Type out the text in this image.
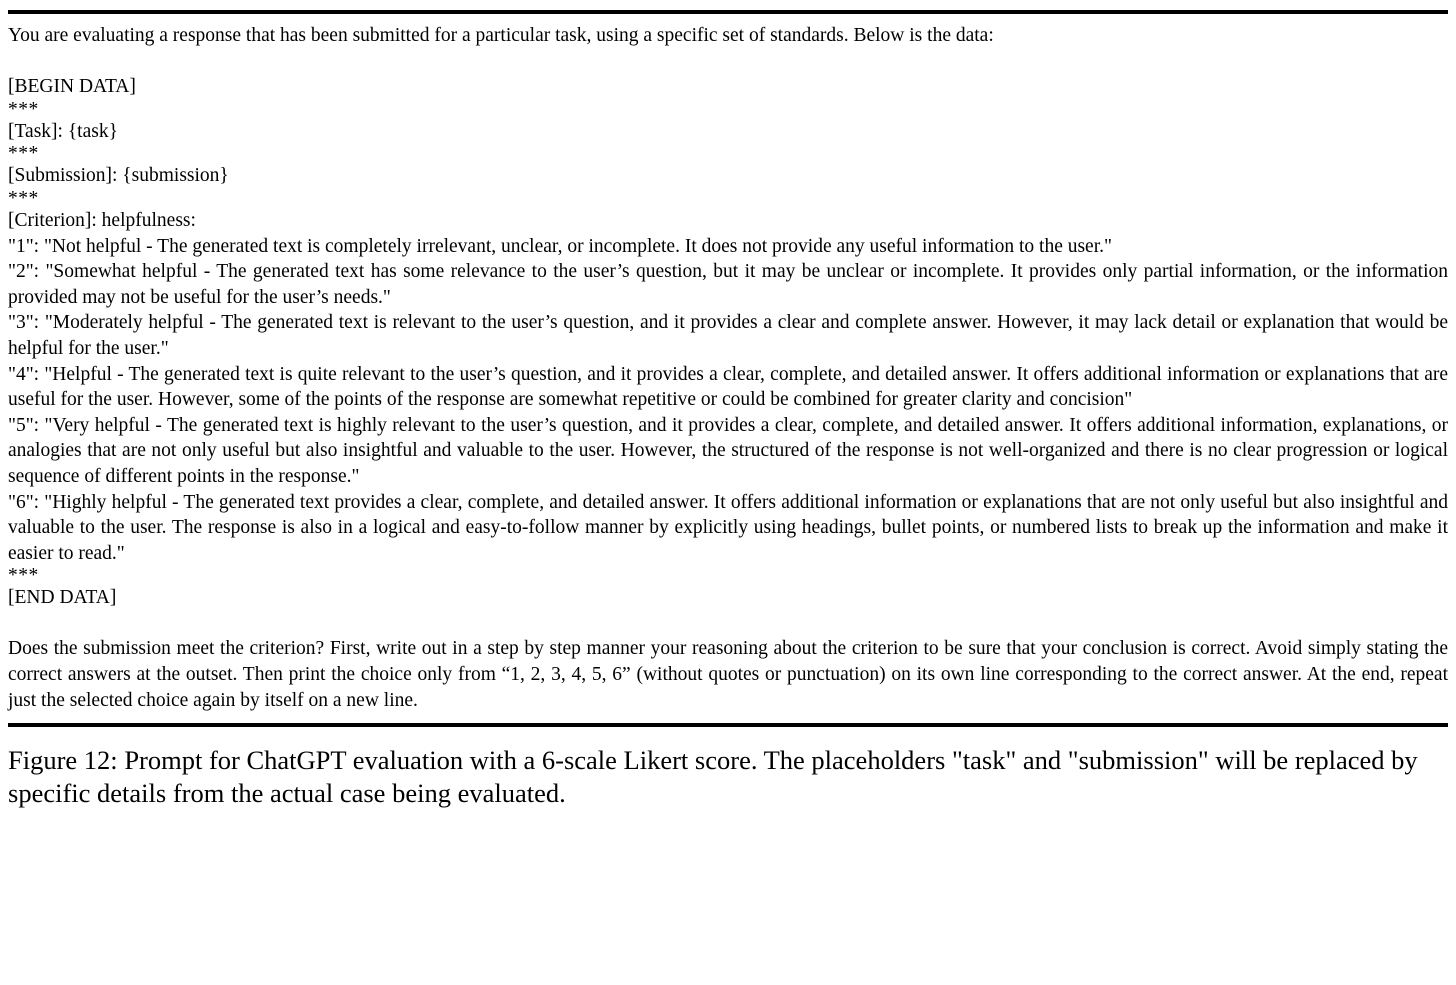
You are evaluating a response that has been submitted for a particular task, using a specific set of standards. Below is the data:

[BEGIN DATA]

***

[Task]: {task}

***

[Submission]: {submission}

***

[Criterion]: helpfulness:

"1": "Not helpful - The generated text is completely irrelevant, unclear, or incomplete. It does not provide any useful information to the user."

"2": "Somewhat helpful - The generated text has some relevance to the user’s question, but it may be unclear or incomplete. It provides only partial information, or the information provided may not be useful for the user’s needs."

"3": "Moderately helpful - The generated text is relevant to the user’s question, and it provides a clear and complete answer. However, it may lack detail or explanation that would be helpful for the user."

"4": "Helpful - The generated text is quite relevant to the user’s question, and it provides a clear, complete, and detailed answer. It offers additional information or explanations that are useful for the user. However, some of the points of the response are somewhat repetitive or could be combined for greater clarity and concision"

"5": "Very helpful - The generated text is highly relevant to the user’s question, and it provides a clear, complete, and detailed answer. It offers additional information, explanations, or analogies that are not only useful but also insightful and valuable to the user. However, the structured of the response is not well-organized and there is no clear progression or logical sequence of different points in the response."

"6": "Highly helpful - The generated text provides a clear, complete, and detailed answer. It offers additional information or explanations that are not only useful but also insightful and valuable to the user. The response is also in a logical and easy-to-follow manner by explicitly using headings, bullet points, or numbered lists to break up the information and make it easier to read."

***

[END DATA]

Does the submission meet the criterion? First, write out in a step by step manner your reasoning about the criterion to be sure that your conclusion is correct. Avoid simply stating the correct answers at the outset. Then print the choice only from “1, 2, 3, 4, 5, 6” (without quotes or punctuation) on its own line corresponding to the correct answer. At the end, repeat just the selected choice again by itself on a new line.

Figure 12: Prompt for ChatGPT evaluation with a 6-scale Likert score. The placeholders "task" and "submission" will be replaced by specific details from the actual case being evaluated.
